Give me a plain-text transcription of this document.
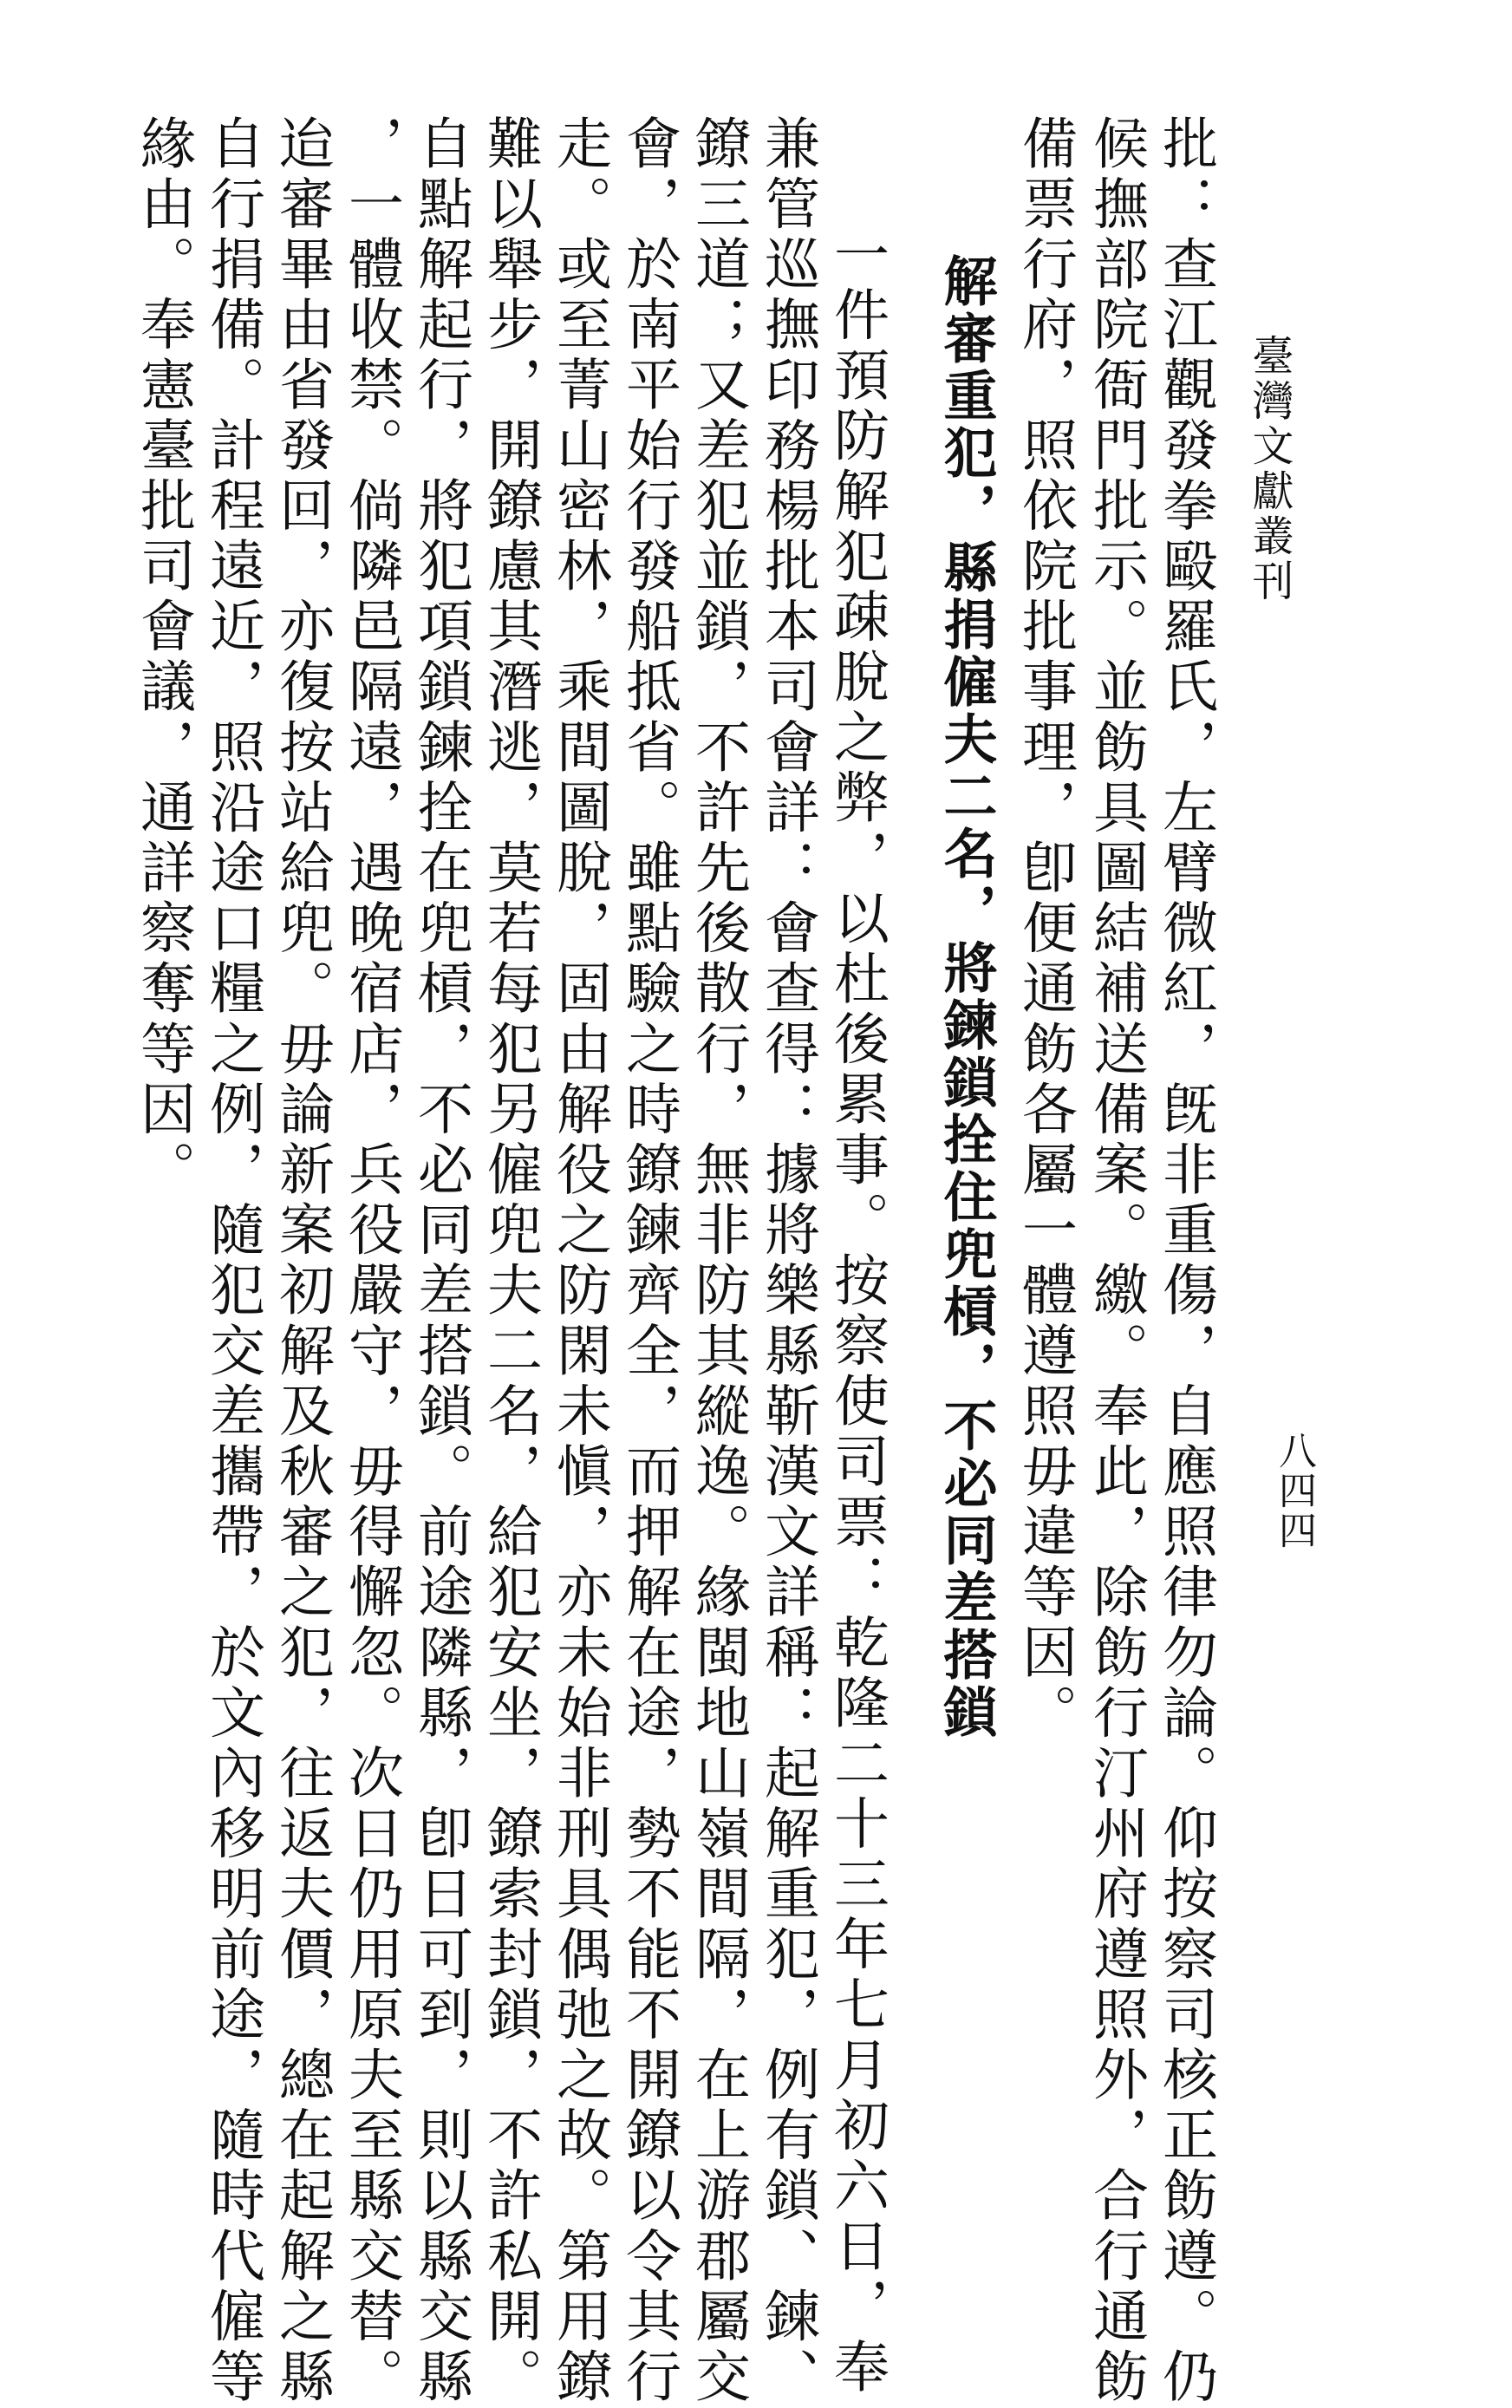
臺灣文獻叢刊
八四四
批：查江觀發拳毆羅氏，左臂微紅，旣非重傷，自應照律勿論。仰按察司核正飭遵。仍
候撫部院衙門批示。並飭具圖結補送備案。繳。奉此，除飭行汀州府遵照外，合行通飭
備票行府，照依院批事理，卽便通飭各屬一體遵照毋違等因。
解審重犯，縣捐僱夫二名，將鍊鎖拴住兜槓，不必同差搭鎖
一件預防解犯疎脫之弊，以杜後累事。按察使司票：乾隆二十三年七月初六日，奉
兼管巡撫印務楊批本司會詳：會查得：據將樂縣靳漢文詳稱：起解重犯，例有鎖、鍊、
鐐三道；又差犯並鎖，不許先後散行，無非防其縱逸。緣閩地山嶺間隔，在上游郡屬交
會，於南平始行發船抵省。雖點驗之時鐐鍊齊全，而押解在途，勢不能不開鐐以令其行
走。或至菁山密林，乘間圖脫，固由解役之防閑未愼，亦未始非刑具偶弛之故。第用鐐
難以舉步，開鐐慮其潛逃，莫若每犯另僱兜夫二名，給犯安坐，鐐索封鎖，不許私開。
自點解起行，將犯項鎖鍊拴在兜槓，不必同差搭鎖。前途隣縣，卽日可到，則以縣交縣
，一體收禁。倘隣邑隔遠，遇晚宿店，兵役嚴守，毋得懈忽。次日仍用原夫至縣交替。
迨審畢由省發回，亦復按站給兜。毋論新案初解及秋審之犯，往返夫價，總在起解之縣
自行捐備。計程遠近，照沿途口糧之例，隨犯交差攜帶，於文內移明前途，隨時代僱等
緣由。奉憲臺批司會議，通詳察奪等因。
